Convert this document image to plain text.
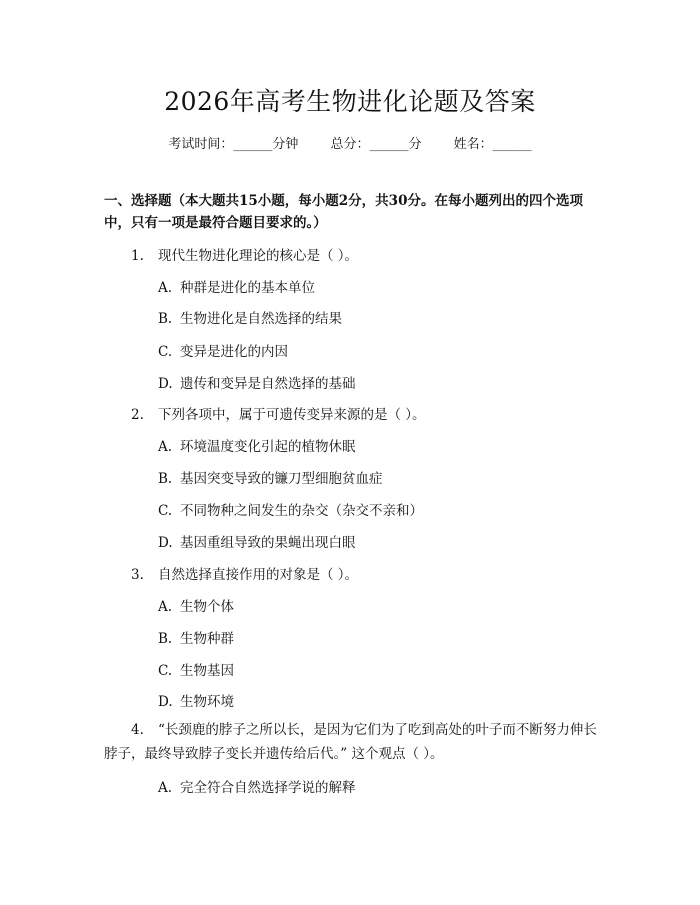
2026年高考生物进化论题及答案
考试时间：______分钟 总分：______分 姓名：______
一、选择题（本大题共15小题，每小题2分，共30分。在每小题列出的四个选项中，只有一项是最符合题目要求的。）
1. 现代生物进化理论的核心是（ ）。
A. 种群是进化的基本单位
B. 生物进化是自然选择的结果
C. 变异是进化的内因
D. 遗传和变异是自然选择的基础
2. 下列各项中，属于可遗传变异来源的是（ ）。
A. 环境温度变化引起的植物休眠
B. 基因突变导致的镰刀型细胞贫血症
C. 不同物种之间发生的杂交（杂交不亲和）
D. 基因重组导致的果蝇出现白眼
3. 自然选择直接作用的对象是（ ）。
A. 生物个体
B. 生物种群
C. 生物基因
D. 生物环境
4. “长颈鹿的脖子之所以长，是因为它们为了吃到高处的叶子而不断努力伸长脖子，最终导致脖子变长并遗传给后代。” 这个观点（ ）。
A. 完全符合自然选择学说的解释
